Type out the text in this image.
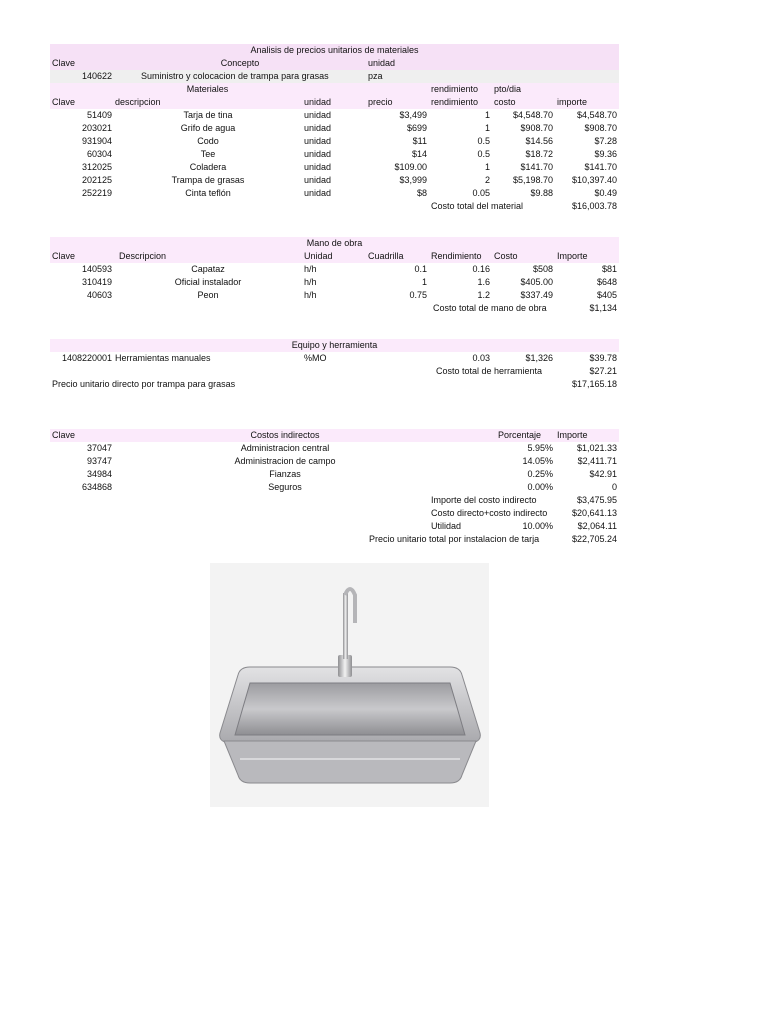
Analisis de precios unitarios de materiales
Clave	Concepto	unidad
140622	Suministro y colocacion de trampa para grasas	pza
Materiales	rendimiento	pto/dia
Clave	descripcion	unidad	precio	rendimiento	costo	importe
51409	Tarja de tina	unidad	$3,499	1	$4,548.70	$4,548.70
203021	Grifo de agua	unidad	$699	1	$908.70	$908.70
931904	Codo	unidad	$11	0.5	$14.56	$7.28
60304	Tee	unidad	$14	0.5	$18.72	$9.36
312025	Coladera	unidad	$109.00	1	$141.70	$141.70
202125	Trampa de grasas	unidad	$3,999	2	$5,198.70	$10,397.40
252219	Cinta teflón	unidad	$8	0.05	$9.88	$0.49
Costo total del material	$16,003.78
Mano de obra
Clave	Descripcion	Unidad	Cuadrilla	Rendimiento	Costo	Importe
140593	Capataz	h/h	0.1	0.16	$508	$81
310419	Oficial instalador	h/h	1	1.6	$405.00	$648
40603	Peon	h/h	0.75	1.2	$337.49	$405
Costo total de mano de obra	$1,134
Equipo y herramienta
1408220001 Herramientas manuales	%MO	0.03	$1,326	$39.78
Costo total de herramienta	$27.21
Precio unitario directo por trampa para grasas	$17,165.18
Clave	Costos indirectos	Porcentaje Importe
37047	Administracion central	5.95%	$1,021.33
93747	Administracion de campo	14.05%	$2,411.71
34984	Fianzas	0.25%	$42.91
634868	Seguros	0.00%	0
Importe del costo indirecto	$3,475.95
Costo directo+costo indirecto	$20,641.13
Utilidad	10.00%	$2,064.11
Precio unitario total por instalacion de tarja	$22,705.24
